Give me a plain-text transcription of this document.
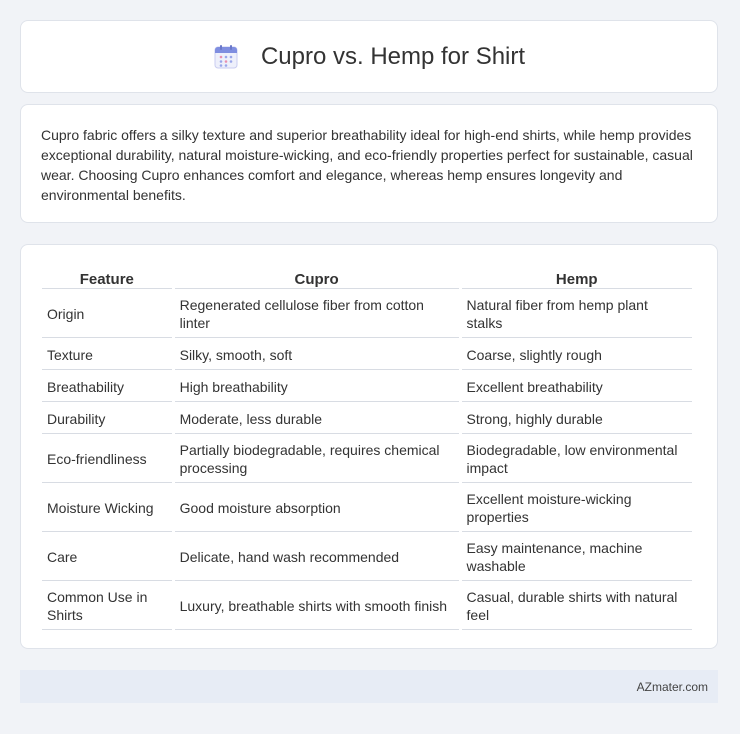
Cupro vs. Hemp for Shirt

Cupro fabric offers a silky texture and superior breathability ideal for high-end shirts, while hemp provides exceptional durability, natural moisture-wicking, and eco-friendly properties perfect for sustainable, casual wear. Choosing Cupro enhances comfort and elegance, whereas hemp ensures longevity and environmental benefits.

Feature	Cupro	Hemp
Origin	Regenerated cellulose fiber from cotton linter	Natural fiber from hemp plant stalks
Texture	Silky, smooth, soft	Coarse, slightly rough
Breathability	High breathability	Excellent breathability
Durability	Moderate, less durable	Strong, highly durable
Eco-friendliness	Partially biodegradable, requires chemical processing	Biodegradable, low environmental impact
Moisture Wicking	Good moisture absorption	Excellent moisture-wicking properties
Care	Delicate, hand wash recommended	Easy maintenance, machine washable
Common Use in Shirts	Luxury, breathable shirts with smooth finish	Casual, durable shirts with natural feel
AZmater.com
